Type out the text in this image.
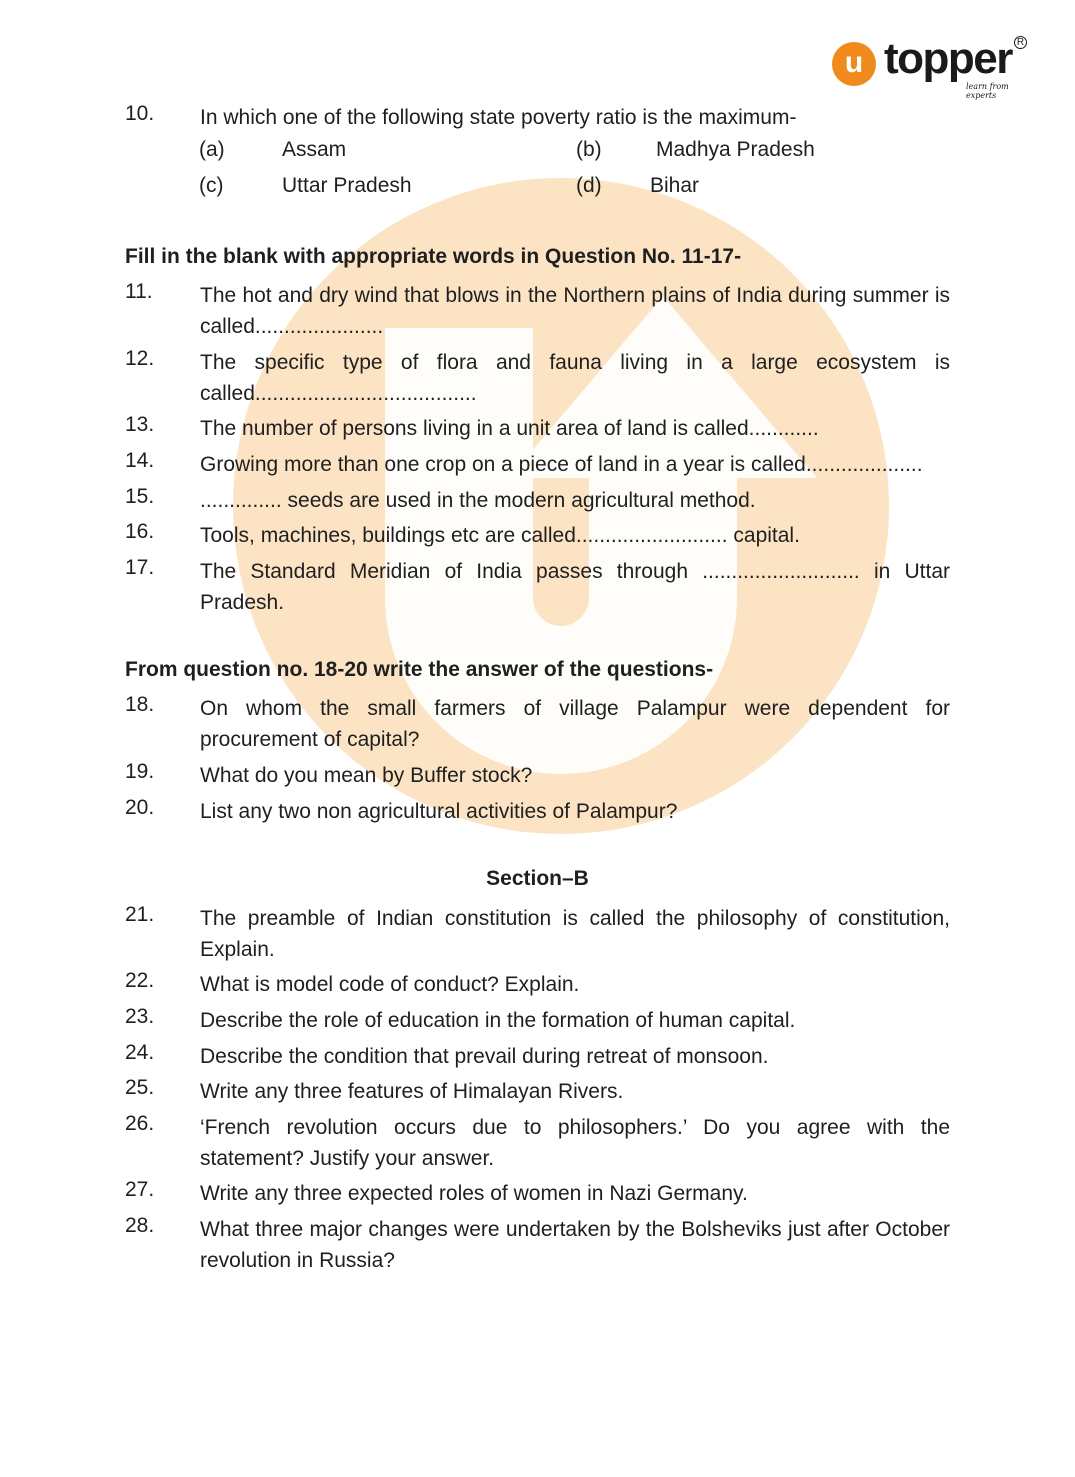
u topper R
learn from experts
10. In which one of the following state poverty ratio is the maximum-
(a)	Assam	(b)	Madhya Pradesh
(c)	Uttar Pradesh	(d) Bihar
Fill in the blank with appropriate words in Question No. 11-17-
11. The hot and dry wind that blows in the Northern plains of India during summer is called......................
12. The specific type of flora and fauna living in a large ecosystem is called......................................
13. The number of persons living in a unit area of land is called............
14. Growing more than one crop on a piece of land in a year is called....................
15. .............. seeds are used in the modern agricultural method.
16. Tools, machines, buildings etc are called.......................... capital.
17. The Standard Meridian of India passes through ........................... in Uttar Pradesh.
From question no. 18-20 write the answer of the questions-
18. On whom the small farmers of village Palampur were dependent for procurement of capital?
19. What do you mean by Buffer stock?
20. List any two non agricultural activities of Palampur?
Section–B
21. The preamble of Indian constitution is called the philosophy of constitution, Explain.
22. What is model code of conduct? Explain.
23. Describe the role of education in the formation of human capital.
24. Describe the condition that prevail during retreat of monsoon.
25. Write any three features of Himalayan Rivers.
26. ‘French revolution occurs due to philosophers.’ Do you agree with the statement? Justify your answer.
27. Write any three expected roles of women in Nazi Germany.
28. What three major changes were undertaken by the Bolsheviks just after October revolution in Russia?
